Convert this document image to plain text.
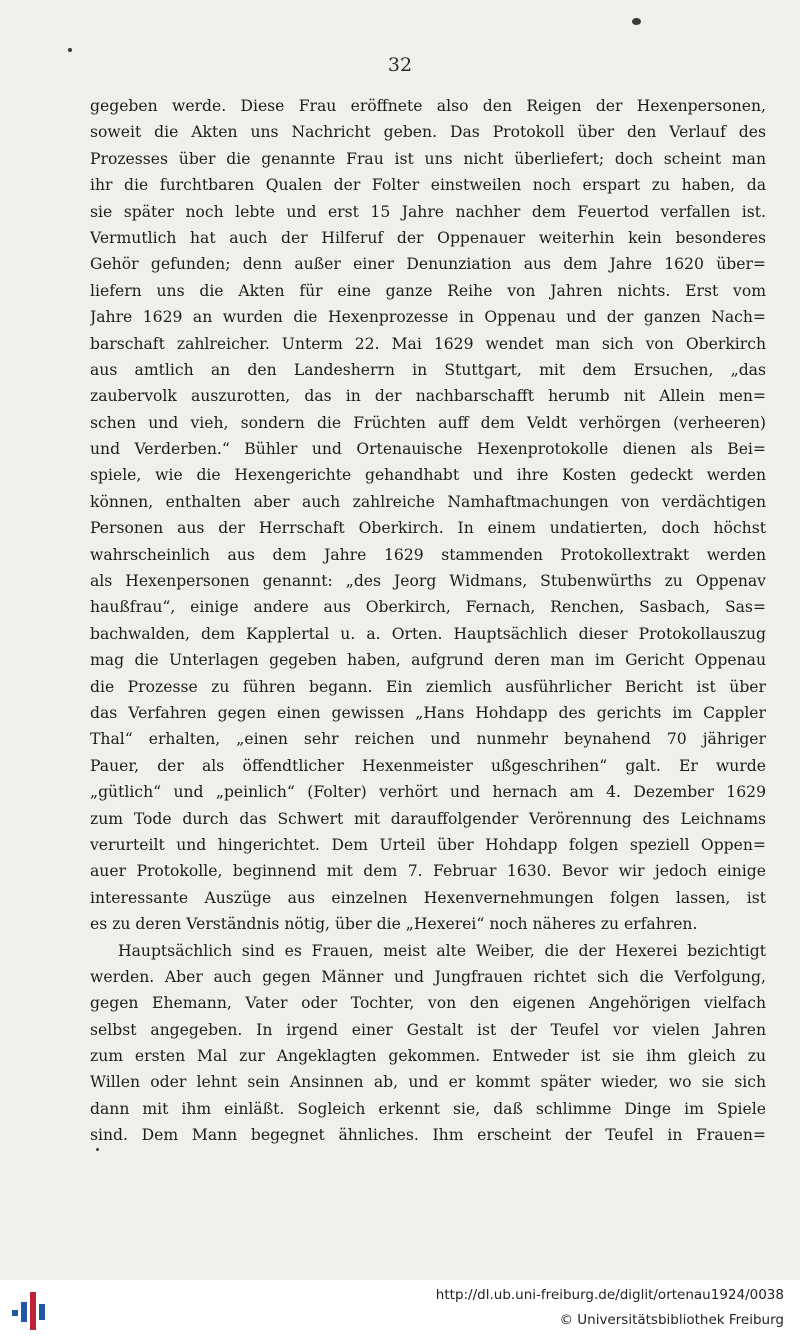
32
gegeben werde. Diese Frau eröffnete also den Reigen der Hexenpersonen,
soweit die Akten uns Nachricht geben. Das Protokoll über den Verlauf des
Prozesses über die genannte Frau ist uns nicht überliefert; doch scheint man
ihr die furchtbaren Qualen der Folter einstweilen noch erspart zu haben, da
sie später noch lebte und erst 15 Jahre nachher dem Feuertod verfallen ist.
Vermutlich hat auch der Hilferuf der Oppenauer weiterhin kein besonderes
Gehör gefunden; denn außer einer Denunziation aus dem Jahre 1620 über=
liefern uns die Akten für eine ganze Reihe von Jahren nichts. Erst vom
Jahre 1629 an wurden die Hexenprozesse in Oppenau und der ganzen Nach=
barschaft zahlreicher. Unterm 22. Mai 1629 wendet man sich von Oberkirch
aus amtlich an den Landesherrn in Stuttgart, mit dem Ersuchen, „das
zaubervolk auszurotten, das in der nachbarschafft herumb nit Allein men=
schen und vieh, sondern die Früchten auff dem Veldt verhörgen (verheeren)
und Verderben.“ Bühler und Ortenauische Hexenprotokolle dienen als Bei=
spiele, wie die Hexengerichte gehandhabt und ihre Kosten gedeckt werden
können, enthalten aber auch zahlreiche Namhaftmachungen von verdächtigen
Personen aus der Herrschaft Oberkirch. In einem undatierten, doch höchst
wahrscheinlich aus dem Jahre 1629 stammenden Protokollextrakt werden
als Hexenpersonen genannt: „des Jeorg Widmans, Stubenwürths zu Oppenav
haußfrau“, einige andere aus Oberkirch, Fernach, Renchen, Sasbach, Sas=
bachwalden, dem Kapplertal u. a. Orten. Hauptsächlich dieser Protokollauszug
mag die Unterlagen gegeben haben, aufgrund deren man im Gericht Oppenau
die Prozesse zu führen begann. Ein ziemlich ausführlicher Bericht ist über
das Verfahren gegen einen gewissen „Hans Hohdapp des gerichts im Cappler
Thal“ erhalten, „einen sehr reichen und nunmehr beynahend 70 jähriger
Pauer, der als öffendtlicher Hexenmeister ußgeschrihen“ galt. Er wurde
„gütlich“ und „peinlich“ (Folter) verhört und hernach am 4. Dezember 1629
zum Tode durch das Schwert mit darauffolgender Verörennung des Leichnams
verurteilt und hingerichtet. Dem Urteil über Hohdapp folgen speziell Oppen=
auer Protokolle, beginnend mit dem 7. Februar 1630. Bevor wir jedoch einige
interessante Auszüge aus einzelnen Hexenvernehmungen folgen lassen, ist
es zu deren Verständnis nötig, über die „Hexerei“ noch näheres zu erfahren.
Hauptsächlich sind es Frauen, meist alte Weiber, die der Hexerei bezichtigt
werden. Aber auch gegen Männer und Jungfrauen richtet sich die Verfolgung,
gegen Ehemann, Vater oder Tochter, von den eigenen Angehörigen vielfach
selbst angegeben. In irgend einer Gestalt ist der Teufel vor vielen Jahren
zum ersten Mal zur Angeklagten gekommen. Entweder ist sie ihm gleich zu
Willen oder lehnt sein Ansinnen ab, und er kommt später wieder, wo sie sich
dann mit ihm einläßt. Sogleich erkennt sie, daß schlimme Dinge im Spiele
sind. Dem Mann begegnet ähnliches. Ihm erscheint der Teufel in Frauen=
http://dl.ub.uni-freiburg.de/diglit/ortenau1924/0038
© Universitätsbibliothek Freiburg
